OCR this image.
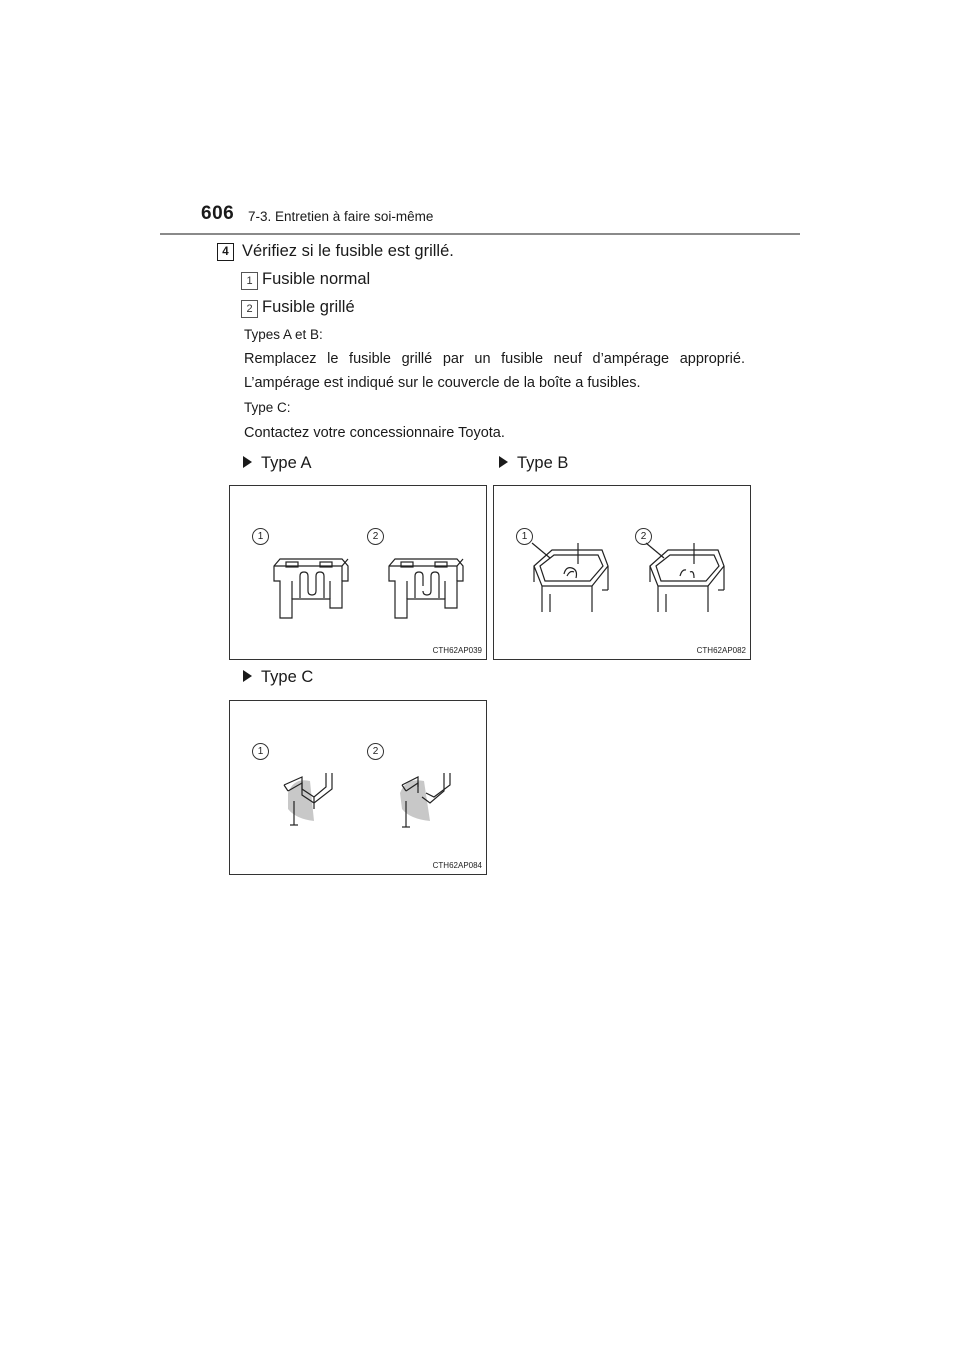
606 7-3. Entretien à faire soi-même
4 Vérifiez si le fusible est grillé.
1 Fusible normal
2 Fusible grillé
Types A et B:
Remplacez le fusible grillé par un fusible neuf d’ampérage approprié. L’ampérage est indiqué sur le couvercle de la boîte a fusibles.
Type C:
Contactez votre concessionnaire Toyota.
Type A	Type B
1	2
CTH62AP039
1	2
CTH62AP082
Type C
1	2
CTH62AP084
